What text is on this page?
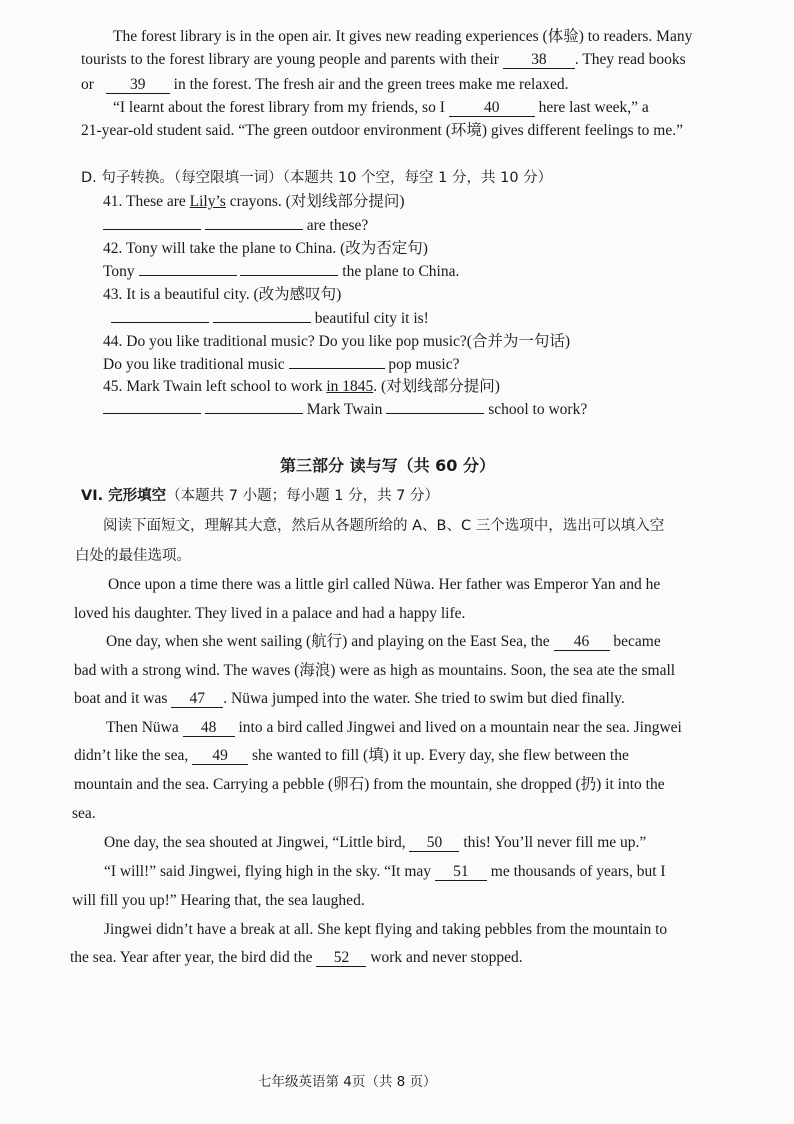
The forest library is in the open air. It gives new reading experiences (体验) to readers. Many
tourists to the forest library are young people and parents with their 38 . They read books
or 39 in the forest. The fresh air and the green trees make me relaxed.
“I learnt about the forest library from my friends, so I	40	here last week,” a
21-year-old student said. “The green outdoor environment (环境) gives different feelings to me.”
D. 句子转换。（每空限填一词）（本题共 10 个空，每空 1 分，共 10 分）
41. These are Lily’s crayons. (对划线部分提问)
are these?
42. Tony will take the plane to China. (改为否定句)
Tony	the plane to China.
43. It is a beautiful city. (改为感叹句)
beautiful city it is!
44. Do you like traditional music? Do you like pop music?(合并为一句话)
Do you like traditional music	pop music?
45. Mark Twain left school to work in 1845. (对划线部分提问)
Mark Twain	school to work?
第三部分 读与写（共 60 分）
VI. 完形填空（本题共 7 小题；每小题 1 分，共 7 分）
阅读下面短文，理解其大意，然后从各题所给的 A、B、C 三个选项中，选出可以填入空
白处的最佳选项。
Once upon a time there was a little girl called Nüwa. Her father was Emperor Yan and he
loved his daughter. They lived in a palace and had a happy life.
One day, when she went sailing (航行) and playing on the East Sea, the 46 became
bad with a strong wind. The waves (海浪) were as high as mountains. Soon, the sea ate the small
boat and it was 47 . Nüwa jumped into the water. She tried to swim but died finally.
Then Nüwa 48 into a bird called Jingwei and lived on a mountain near the sea. Jingwei
didn’t like the sea, 49 she wanted to fill (填) it up. Every day, she flew between the
mountain and the sea. Carrying a pebble (卵石) from the mountain, she dropped (扔) it into the
sea.
One day, the sea shouted at Jingwei, “Little bird, 50 this! You’ll never fill me up.”
“I will!” said Jingwei, flying high in the sky. “It may 51 me thousands of years, but I
will fill you up!” Hearing that, the sea laughed.
Jingwei didn’t have a break at all. She kept flying and taking pebbles from the mountain to
the sea. Year after year, the bird did the 52 work and never stopped.
七年级英语第 4页（共 8 页）
